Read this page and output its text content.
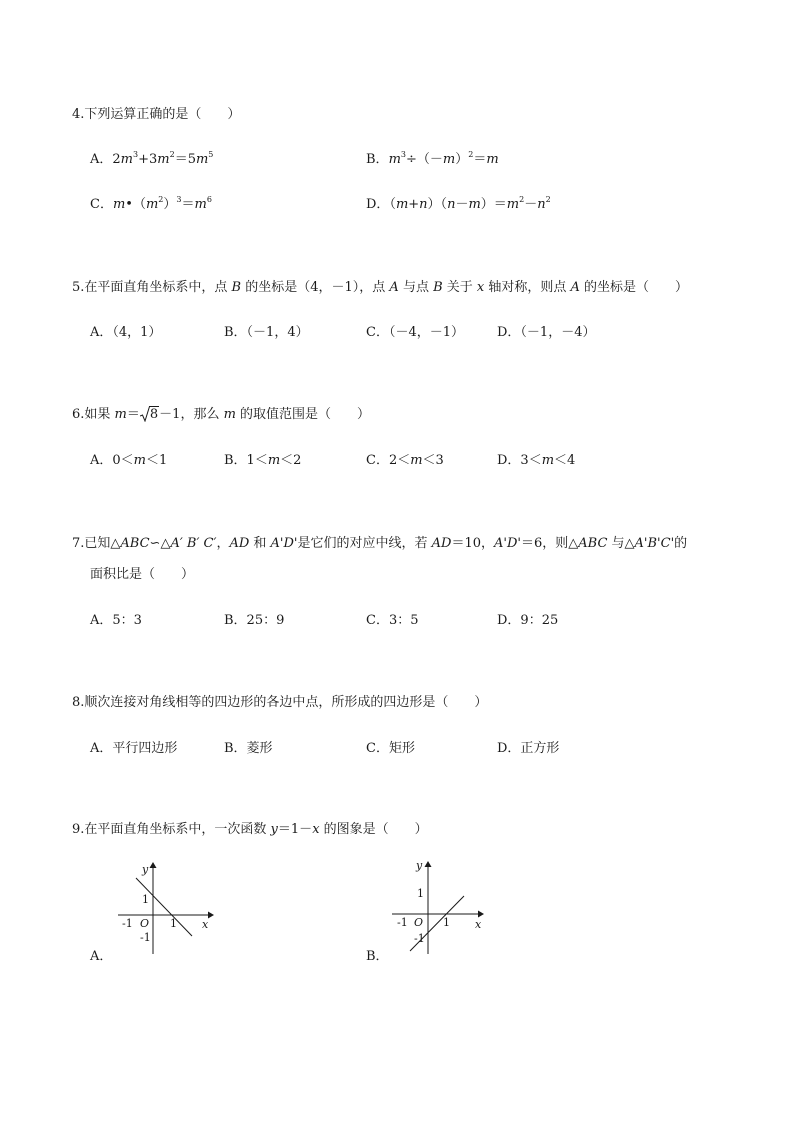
4.下列运算正确的是（　　）
A．$2m^3+3m^2=5m^5$	B．$m^3\div(-m)^2=m$
C．$m•(m^2)^3=m^6$	D．$(m+n)(n-m)=m^2-n^2$
5.在平面直角坐标系中，点 B 的坐标是（4，－1），点 A 与点 B 关于 x 轴对称，则点 A 的坐标是（　　）
A．（4，1）	B．（－1，4）	C．（－4，－1）	D．（－1，－4）
6.如果 m＝ 8－1，那么 m 的取值范围是（　　）
A．0＜m＜1	B．1＜m＜2	C．2＜m＜3	D．3＜m＜4
7.已知△ABC∽△A′ B′ C′，AD 和 A'D'是它们的对应中线，若 AD＝10，A'D'＝6，则△ABC 与△A'B'C'的
面积比是（　　）
A．5：3	B．25：9	C．3：5	D．9：25
8.顺次连接对角线相等的四边形的各边中点，所形成的四边形是（　　）
A．平行四边形	B．菱形	C．矩形	D．正方形
9.在平面直角坐标系中，一次函数 y＝1－x 的图象是（　　）
y
x
1
-1 O 1
-1
A．
y
x
1
-1 O 1
-1
B．
